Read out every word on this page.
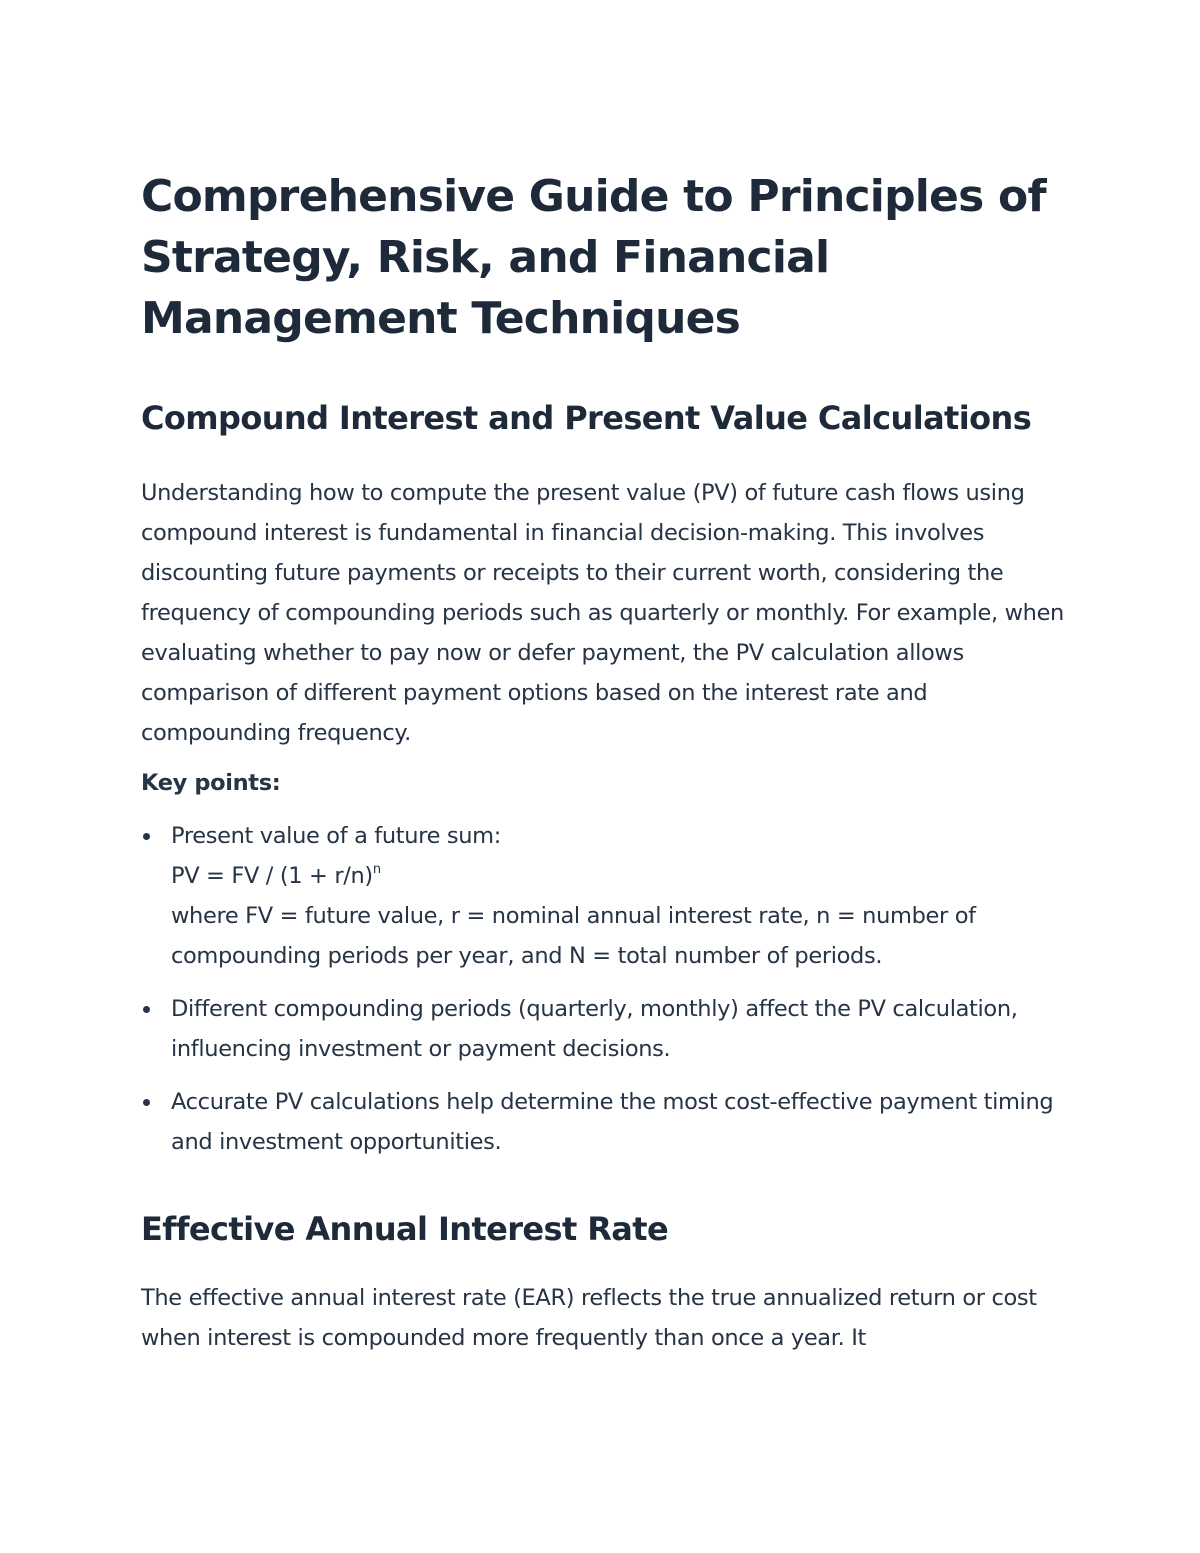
Comprehensive Guide to Principles of Strategy, Risk, and Financial Management Techniques
Compound Interest and Present Value Calculations

Understanding how to compute the present value (PV) of future cash flows using compound interest is fundamental in financial decision-making. This involves discounting future payments or receipts to their current worth, considering the frequency of compounding periods such as quarterly or monthly. For example, when evaluating whether to pay now or defer payment, the PV calculation allows comparison of different payment options based on the interest rate and compounding frequency.

Key points:

Present value of a future sum:
PV = FV / $(1 + r/n)^n$
where FV = future value, r = nominal annual interest rate, n = number of compounding periods per year, and N = total number of periods.
Different compounding periods (quarterly, monthly) affect the PV calculation, influencing investment or payment decisions.
Accurate PV calculations help determine the most cost-effective payment timing and investment opportunities.
Effective Annual Interest Rate

The effective annual interest rate (EAR) reflects the true annualized return or cost when interest is compounded more frequently than once a year. It
